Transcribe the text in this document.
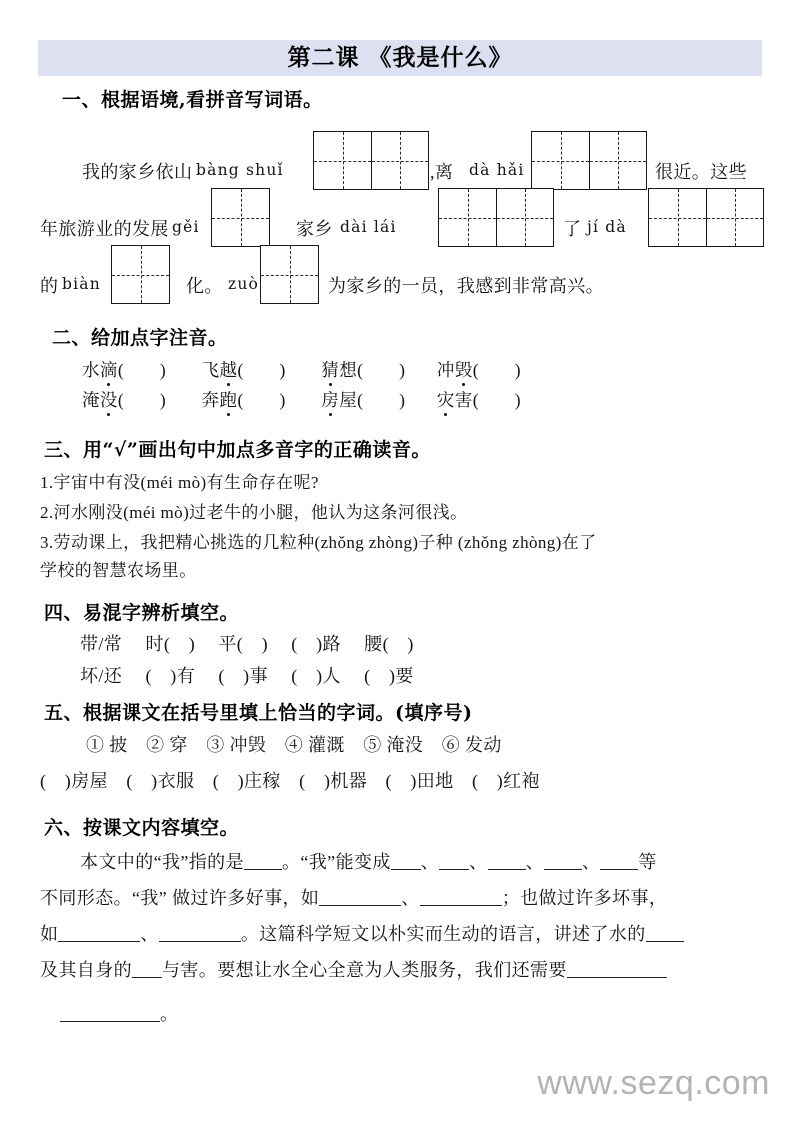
第二课 《我是什么》
一、根据语境,看拼音写词语。
我的家乡依山 bàng shuǐ	,离 dà hǎi	很近。这些
年旅游业的发展 gěi	家乡 dài lái	了 jí dà
的 biàn	化。 zuò	为家乡的一员，我感到非常高兴。
二、给加点字注音。
水滴(　　) 飞越(　　) 猜想(　　) 冲毁(　　)
淹没(　　) 奔跑(　　) 房屋(　　) 灾害(　　)
三、用“√”画出句中加点多音字的正确读音。
1.宇宙中有没(méi mò)有生命存在呢?
2.河水刚没(méi mò)过老牛的小腿，他认为这条河很浅。
3.劳动课上，我把精心挑选的几粒种(zhǒng zhòng)子种 (zhǒng zhòng)在了
学校的智慧农场里。
四、易混字辨析填空。
带/常　 时(　)　 平(　)　 (　)路　 腰(　)
坏/还　 (　)有　 (　)事　 (　)人　 (　)要
五、根据课文在括号里填上恰当的字词。(填序号)
① 披　② 穿　③ 冲毁　④ 灌溉　⑤ 淹没　⑥ 发动
(　)房屋　(　)衣服　(　)庄稼　(　)机器　(　)田地　(　)红袍
六、按课文内容填空。
本文中的“我”指的是 。“我”能变成 、 、 、 、 等
不同形态。“我” 做过许多好事，如	、	；也做过许多坏事，
如	、	。这篇科学短文以朴实而生动的语言，讲述了水的
及其自身的 与害。要想让水全心全意为人类服务，我们还需要
。
www.sezq.com
